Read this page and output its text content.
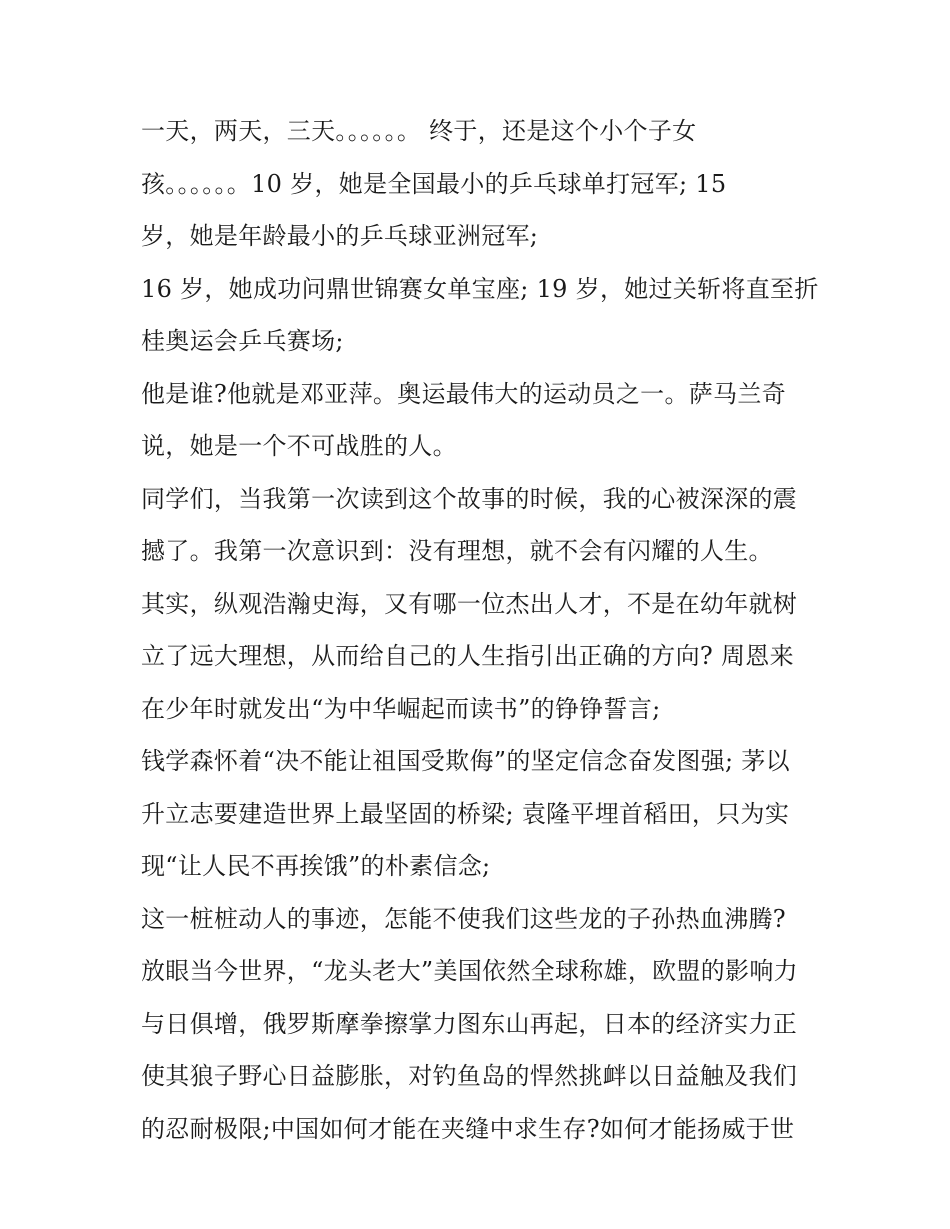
一天，两天，三天。。。。。。 终于，还是这个小个子女
孩。。。。。。10 岁，她是全国最小的乒乓球单打冠军; 15
岁，她是年龄最小的乒乓球亚洲冠军;
16 岁，她成功问鼎世锦赛女单宝座; 19 岁，她过关斩将直至折
桂奥运会乒乓赛场;
他是谁?他就是邓亚萍。奥运最伟大的运动员之一。萨马兰奇
说，她是一个不可战胜的人。
同学们，当我第一次读到这个故事的时候，我的心被深深的震
撼了。我第一次意识到：没有理想，就不会有闪耀的人生。
其实，纵观浩瀚史海，又有哪一位杰出人才，不是在幼年就树
立了远大理想，从而给自己的人生指引出正确的方向? 周恩来
在少年时就发出“为中华崛起而读书”的铮铮誓言;
钱学森怀着“决不能让祖国受欺侮”的坚定信念奋发图强; 茅以
升立志要建造世界上最坚固的桥梁; 袁隆平埋首稻田，只为实
现“让人民不再挨饿”的朴素信念;
这一桩桩动人的事迹，怎能不使我们这些龙的子孙热血沸腾?
放眼当今世界，“龙头老大”美国依然全球称雄，欧盟的影响力
与日俱增，俄罗斯摩拳擦掌力图东山再起，日本的经济实力正
使其狼子野心日益膨胀，对钓鱼岛的悍然挑衅以日益触及我们
的忍耐极限;中国如何才能在夹缝中求生存?如何才能扬威于世
